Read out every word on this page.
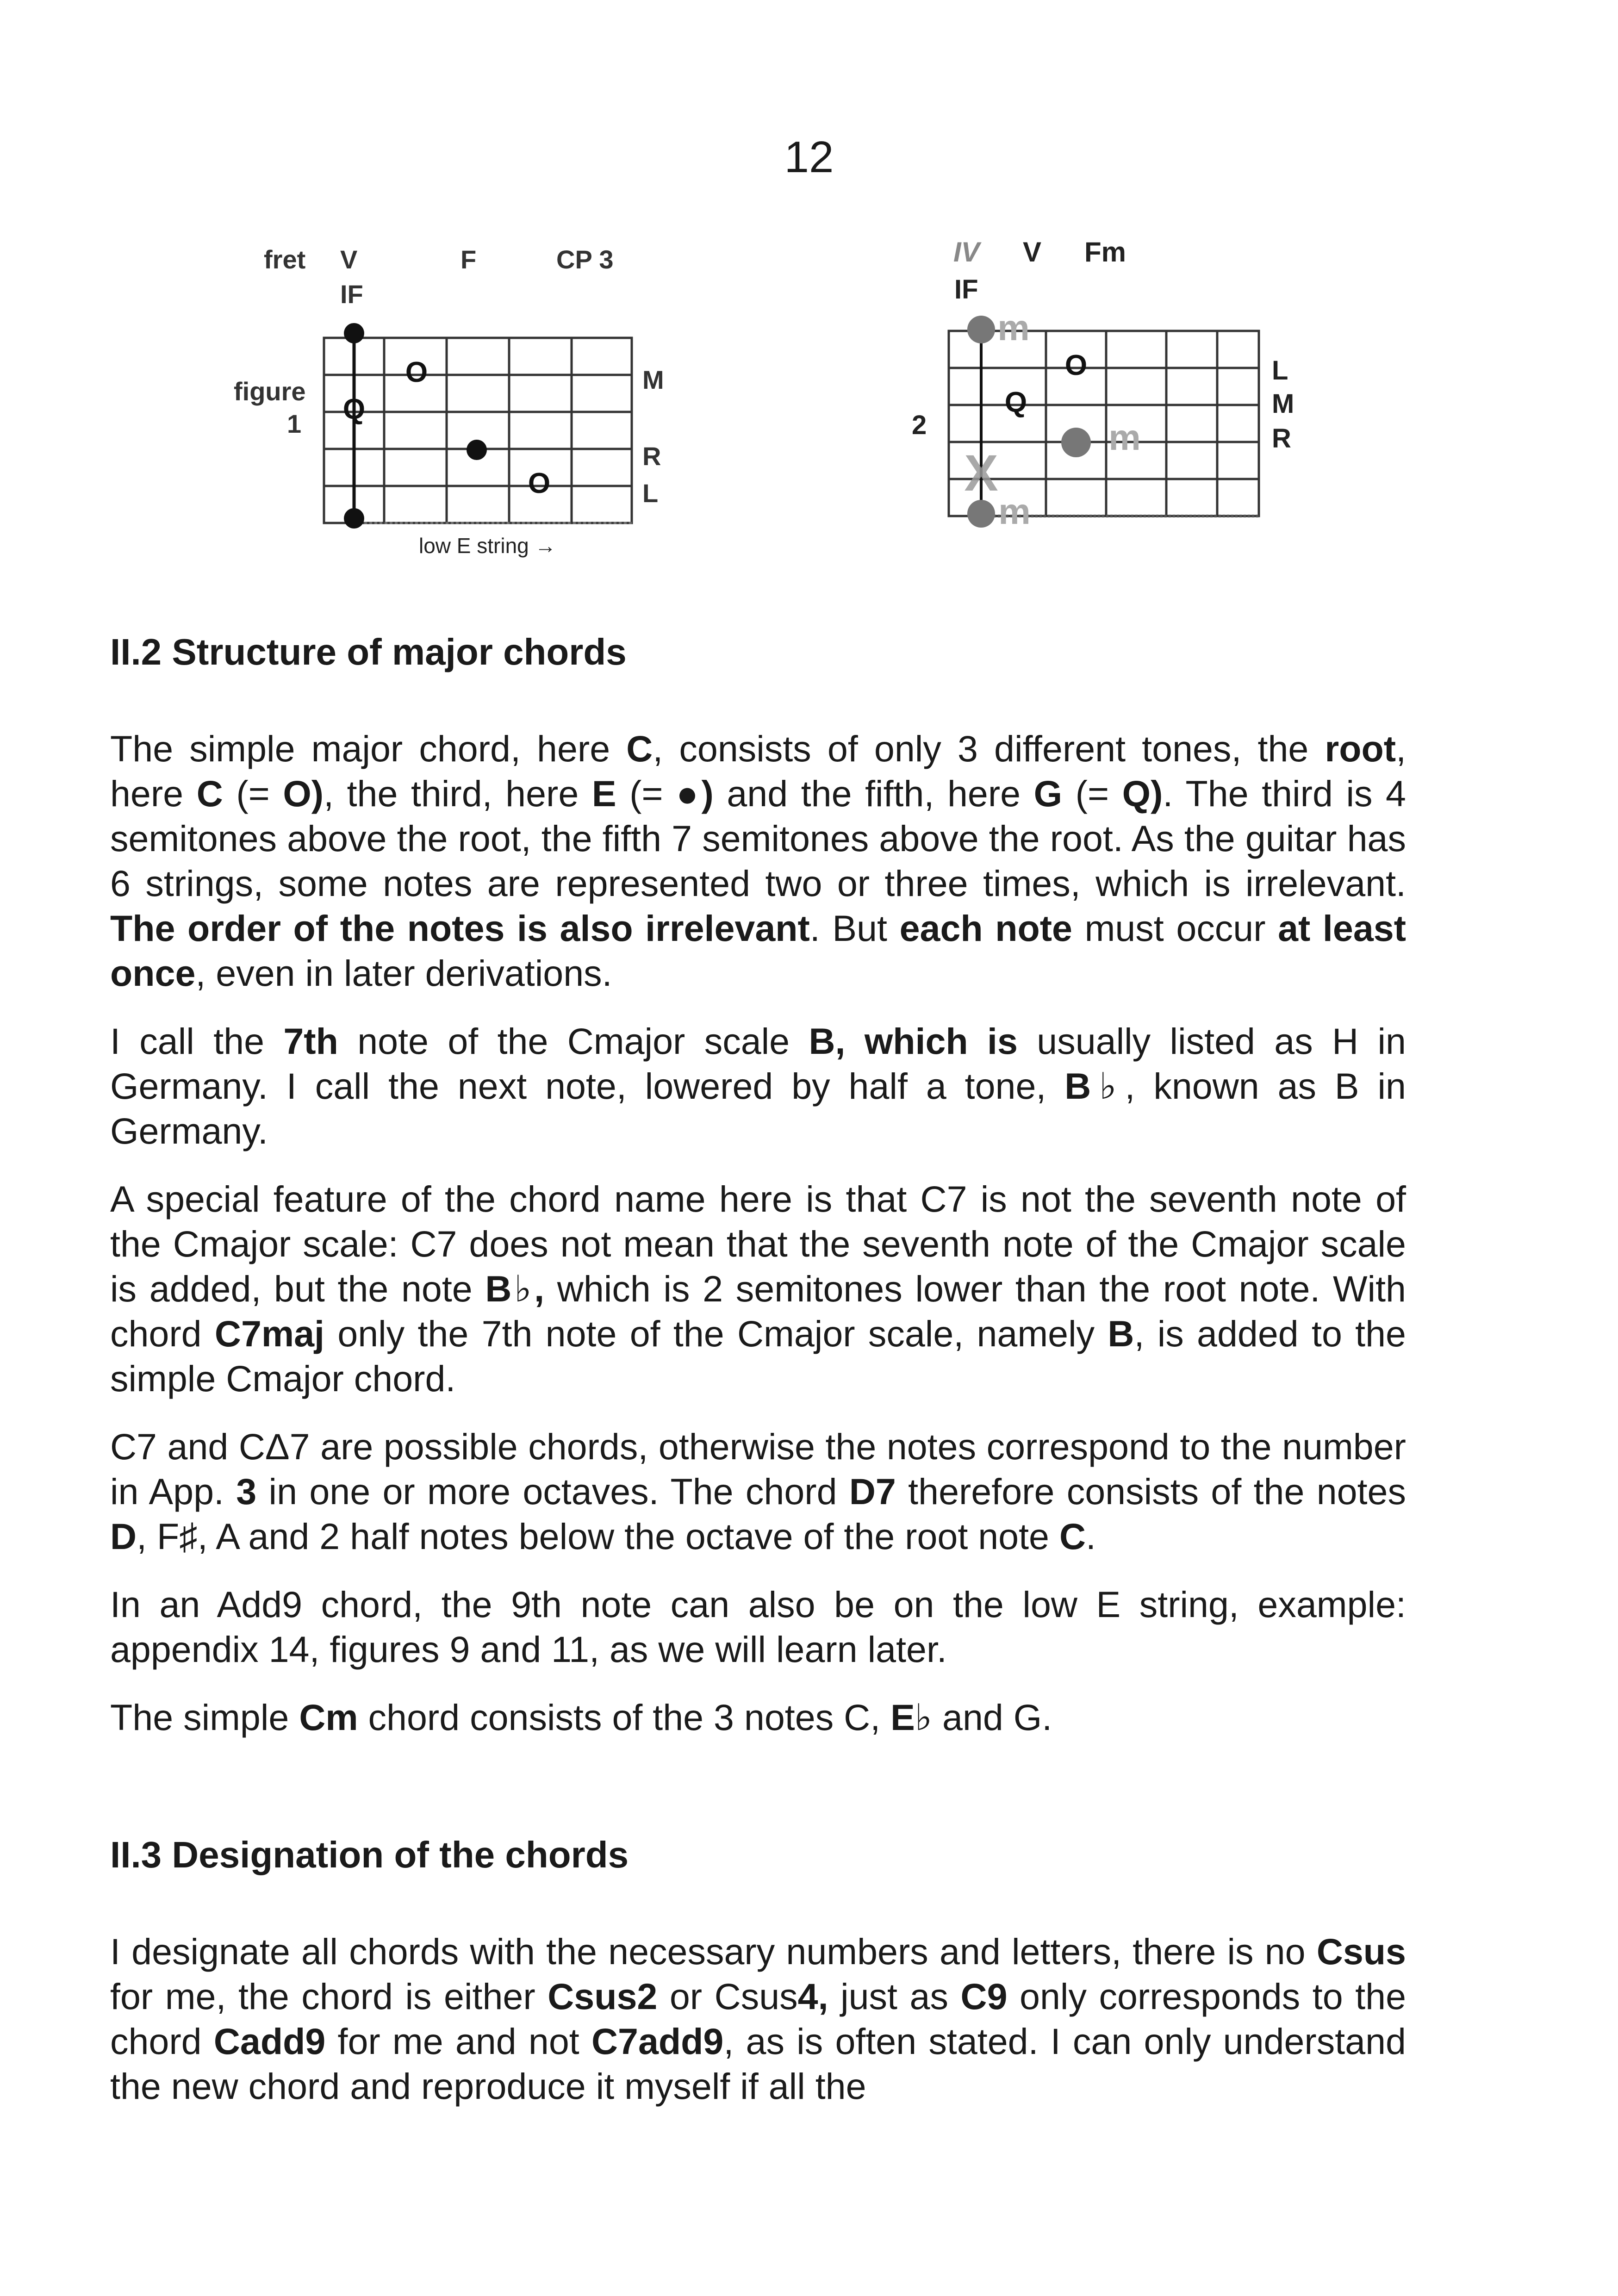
12
fret V
IF
F	CP 3
figure
1
M
R
L
Q
O
O
low E string →
IV V Fm
IF
2
L
M
R
X
m
Q
O
m
m
II.2 Structure of major chords

The simple major chord, here C, consists of only 3 different tones, the root, here C (= O), the third, here E (= ●) and the fifth, here G (= Q). The third is 4 semitones above the root, the fifth 7 semitones above the root. As the guitar has 6 strings, some notes are represented two or three times, which is irrelevant. The order of the notes is also irrelevant. But each note must occur at least once, even in later derivations.

I call the 7th note of the Cmajor scale B, which is usually listed as H in Germany. I call the next note, lowered by half a tone, B♭, known as B in Germany.

A special feature of the chord name here is that C7 is not the seventh note of the Cmajor scale: C7 does not mean that the seventh note of the Cmajor scale is added, but the note B♭, which is 2 semitones lower than the root note. With chord C7maj only the 7th note of the Cmajor scale, namely B, is added to the simple Cmajor chord.

C7 and CΔ7 are possible chords, otherwise the notes correspond to the number in App. 3 in one or more octaves. The chord D7 therefore consists of the notes D, F♯, A and 2 half notes below the octave of the root note C.

In an Add9 chord, the 9th note can also be on the low E string, example: appendix 14, figures 9 and 11, as we will learn later.

The simple Cm chord consists of the 3 notes C, E♭ and G.

II.3 Designation of the chords

I designate all chords with the necessary numbers and letters, there is no Csus for me, the chord is either Csus2 or Csus4, just as C9 only corresponds to the chord Cadd9 for me and not C7add9, as is often stated. I can only understand the new chord and reproduce it myself if all the
